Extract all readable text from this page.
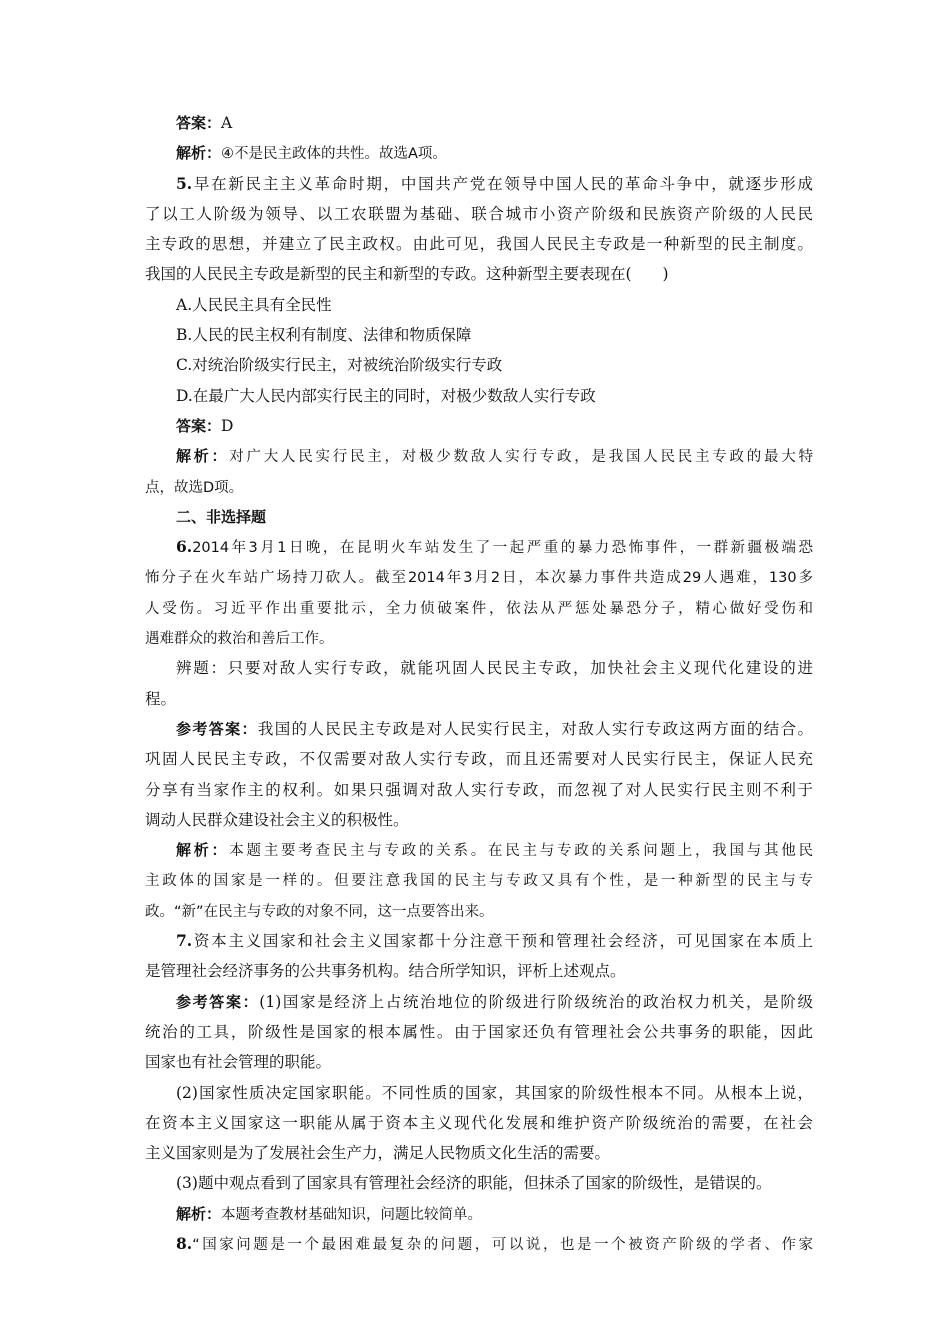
答案：A
解析：④不是民主政体的共性。故选A项。
5.早在新民主主义革命时期，中国共产党在领导中国人民的革命斗争中，就逐步形成
了以工人阶级为领导、以工农联盟为基础、联合城市小资产阶级和民族资产阶级的人民民
主专政的思想，并建立了民主政权。由此可见，我国人民民主专政是一种新型的民主制度。
我国的人民民主专政是新型的民主和新型的专政。这种新型主要表现在(　　)
A.人民民主具有全民性
B.人民的民主权利有制度、法律和物质保障
C.对统治阶级实行民主，对被统治阶级实行专政
D.在最广大人民内部实行民主的同时，对极少数敌人实行专政
答案：D
解析：对广大人民实行民主，对极少数敌人实行专政，是我国人民民主专政的最大特
点，故选D项。
二、非选择题
6.2014年3月1日晚，在昆明火车站发生了一起严重的暴力恐怖事件，一群新疆极端恐
怖分子在火车站广场持刀砍人。截至2014年3月2日，本次暴力事件共造成29人遇难，130多
人受伤。习近平作出重要批示，全力侦破案件，依法从严惩处暴恐分子，精心做好受伤和
遇难群众的救治和善后工作。
辨题：只要对敌人实行专政，就能巩固人民民主专政，加快社会主义现代化建设的进
程。
参考答案：我国的人民民主专政是对人民实行民主，对敌人实行专政这两方面的结合。
巩固人民民主专政，不仅需要对敌人实行专政，而且还需要对人民实行民主，保证人民充
分享有当家作主的权利。如果只强调对敌人实行专政，而忽视了对人民实行民主则不利于
调动人民群众建设社会主义的积极性。
解析：本题主要考查民主与专政的关系。在民主与专政的关系问题上，我国与其他民
主政体的国家是一样的。但要注意我国的民主与专政又具有个性，是一种新型的民主与专
政。“新”在民主与专政的对象不同，这一点要答出来。
7.资本主义国家和社会主义国家都十分注意干预和管理社会经济，可见国家在本质上
是管理社会经济事务的公共事务机构。结合所学知识，评析上述观点。
参考答案：(1)国家是经济上占统治地位的阶级进行阶级统治的政治权力机关，是阶级
统治的工具，阶级性是国家的根本属性。由于国家还负有管理社会公共事务的职能，因此
国家也有社会管理的职能。
(2)国家性质决定国家职能。不同性质的国家，其国家的阶级性根本不同。从根本上说，
在资本主义国家这一职能从属于资本主义现代化发展和维护资产阶级统治的需要，在社会
主义国家则是为了发展社会生产力，满足人民物质文化生活的需要。
(3)题中观点看到了国家具有管理社会经济的职能，但抹杀了国家的阶级性，是错误的。
解析：本题考查教材基础知识，问题比较简单。
8.“国家问题是一个最困难最复杂的问题，可以说，也是一个被资产阶级的学者、作家
